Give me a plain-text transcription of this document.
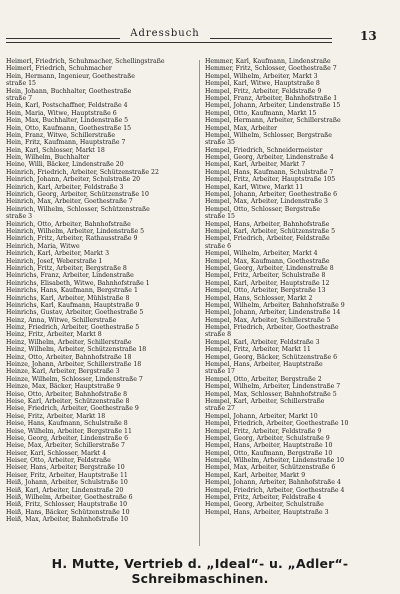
Adressbuch	13
Heimerl, Friedrich, Schuhmacher, Schellingstraße
Heimerl, Friedrich, Schuhmacher
Hein, Hermann, Ingenieur, Goethestraße
straße 15
Hein, Johann, Buchhalter, Goethestraße
straße 7
Hein, Karl, Postschaffner, Feldstraße 4
Hein, Maria, Witwe, Hauptstraße 6
Hein, Max, Buchhalter, Lindenstraße 5
Hein, Otto, Kaufmann, Goethestraße 15
Hein, Franz, Witwe, Schillerstraße
Hein, Fritz, Kaufmann, Hauptstraße 7
Hein, Karl, Schlosser, Markt 18
Hein, Wilhelm, Buchhalter
Heine, Willi, Bäcker, Lindenstraße 20
Heinrich, Friedrich, Arbeiter, Schützenstraße 22
Heinrich, Johann, Arbeiter, Schulstraße 20
Heinrich, Karl, Arbeiter, Feldstraße 3
Heinrich, Georg, Arbeiter, Schützenstraße 10
Heinrich, Max, Arbeiter, Goethestraße 7
Heinrich, Wilhelm, Schlosser, Schützenstraße
straße 3
Heinrich, Otto, Arbeiter, Bahnhofstraße
Heinrich, Wilhelm, Arbeiter, Lindenstraße 5
Heinrich, Fritz, Arbeiter, Rathausstraße 9
Heinrich, Maria, Witwe
Heinrich, Karl, Arbeiter, Markt 3
Heinrich, Josef, Weberstraße 1
Heinrich, Fritz, Arbeiter, Bergstraße 8
Heinrichs, Franz, Arbeiter, Lindenstraße
Heinrichs, Elisabeth, Witwe, Bahnhofstraße 1
Heinrichs, Hans, Kaufmann, Bergstraße 1
Heinrichs, Karl, Arbeiter, Mühlstraße 8
Heinrichs, Karl, Kaufmann, Hauptstraße 9
Heinrichs, Gustav, Arbeiter, Goethestraße 5
Heinz, Anna, Witwe, Schillerstraße
Heinz, Friedrich, Arbeiter, Goethestraße 5
Heinz, Fritz, Arbeiter, Markt 8
Heinz, Wilhelm, Arbeiter, Schillerstraße
Heinz, Wilhelm, Arbeiter, Schützenstraße 18
Heinz, Otto, Arbeiter, Bahnhofstraße 18
Heinze, Johann, Arbeiter, Schillerstraße 18
Heinze, Karl, Arbeiter, Bergstraße 3
Heinze, Wilhelm, Schlosser, Lindenstraße 7
Heinze, Max, Bäcker, Hauptstraße 9
Heise, Otto, Arbeiter, Bahnhofstraße 8
Heise, Karl, Arbeiter, Schützenstraße 8
Heise, Friedrich, Arbeiter, Goethestraße 9
Heise, Fritz, Arbeiter, Markt 18
Heise, Hans, Kaufmann, Schulstraße 8
Heise, Wilhelm, Arbeiter, Bergstraße 11
Heise, Georg, Arbeiter, Lindenstraße 6
Heise, Max, Arbeiter, Schillerstraße 7
Heiser, Karl, Schlosser, Markt 4
Heiser, Otto, Arbeiter, Feldstraße
Heiser, Hans, Arbeiter, Bergstraße 10
Heiser, Fritz, Arbeiter, Hauptstraße 11
Heiß, Johann, Arbeiter, Schulstraße 10
Heiß, Karl, Arbeiter, Lindenstraße 20
Heiß, Wilhelm, Arbeiter, Goethestraße 6
Heiß, Fritz, Schlosser, Hauptstraße 10
Heiß, Hans, Bäcker, Schützenstraße 10
Heiß, Max, Arbeiter, Bahnhofstraße 10
Hemmer, Karl, Kaufmann, Lindenstraße
Hemmer, Fritz, Schlosser, Goethestraße 7
Hempel, Wilhelm, Arbeiter, Markt 3
Hempel, Karl, Witwe, Hauptstraße 8
Hempel, Fritz, Arbeiter, Feldstraße 9
Hempel, Franz, Arbeiter, Bahnhofstraße 1
Hempel, Johann, Arbeiter, Lindenstraße 15
Hempel, Otto, Kaufmann, Markt 15
Hempel, Hermann, Arbeiter, Schillerstraße
Hempel, Max, Arbeiter
Hempel, Wilhelm, Schlosser, Bergstraße
straße 35
Hempel, Friedrich, Schneidermeister
Hempel, Georg, Arbeiter, Lindenstraße 4
Hempel, Karl, Arbeiter, Markt 7
Hempel, Hans, Kaufmann, Schulstraße 7
Hempel, Fritz, Arbeiter, Hauptstraße 105
Hempel, Karl, Witwe, Markt 11
Hempel, Johann, Arbeiter, Goethestraße 6
Hempel, Max, Arbeiter, Lindenstraße 3
Hempel, Otto, Schlosser, Bergstraße
straße 15
Hempel, Hans, Arbeiter, Bahnhofstraße
Hempel, Karl, Arbeiter, Schützenstraße 5
Hempel, Friedrich, Arbeiter, Feldstraße
straße 6
Hempel, Wilhelm, Arbeiter, Markt 4
Hempel, Max, Kaufmann, Goethestraße
Hempel, Georg, Arbeiter, Lindenstraße 8
Hempel, Fritz, Arbeiter, Schulstraße 8
Hempel, Karl, Arbeiter, Hauptstraße 12
Hempel, Otto, Arbeiter, Bergstraße 13
Hempel, Hans, Schlosser, Markt 2
Hempel, Wilhelm, Arbeiter, Bahnhofstraße 9
Hempel, Johann, Arbeiter, Lindenstraße 14
Hempel, Max, Arbeiter, Schillerstraße 5
Hempel, Friedrich, Arbeiter, Goethestraße
straße 8
Hempel, Karl, Arbeiter, Feldstraße 3
Hempel, Fritz, Arbeiter, Markt 11
Hempel, Georg, Bäcker, Schützenstraße 6
Hempel, Hans, Arbeiter, Hauptstraße
straße 17
Hempel, Otto, Arbeiter, Bergstraße 2
Hempel, Wilhelm, Arbeiter, Lindenstraße 7
Hempel, Max, Schlosser, Bahnhofstraße 5
Hempel, Karl, Arbeiter, Schillerstraße
straße 27
Hempel, Johann, Arbeiter, Markt 10
Hempel, Friedrich, Arbeiter, Goethestraße 10
Hempel, Fritz, Arbeiter, Feldstraße 9
Hempel, Georg, Arbeiter, Schulstraße 9
Hempel, Hans, Arbeiter, Hauptstraße 10
Hempel, Otto, Kaufmann, Bergstraße 10
Hempel, Wilhelm, Arbeiter, Lindenstraße 10
Hempel, Max, Arbeiter, Schützenstraße 6
Hempel, Karl, Arbeiter, Markt 9
Hempel, Johann, Arbeiter, Bahnhofstraße 4
Hempel, Friedrich, Arbeiter, Goethestraße 4
Hempel, Fritz, Arbeiter, Feldstraße 4
Hempel, Georg, Arbeiter, Schulstraße
Hempel, Hans, Arbeiter, Hauptstraße 3
H. Mutte, Vertrieb d. „Ideal“- u. „Adler“-Schreibmaschinen.
